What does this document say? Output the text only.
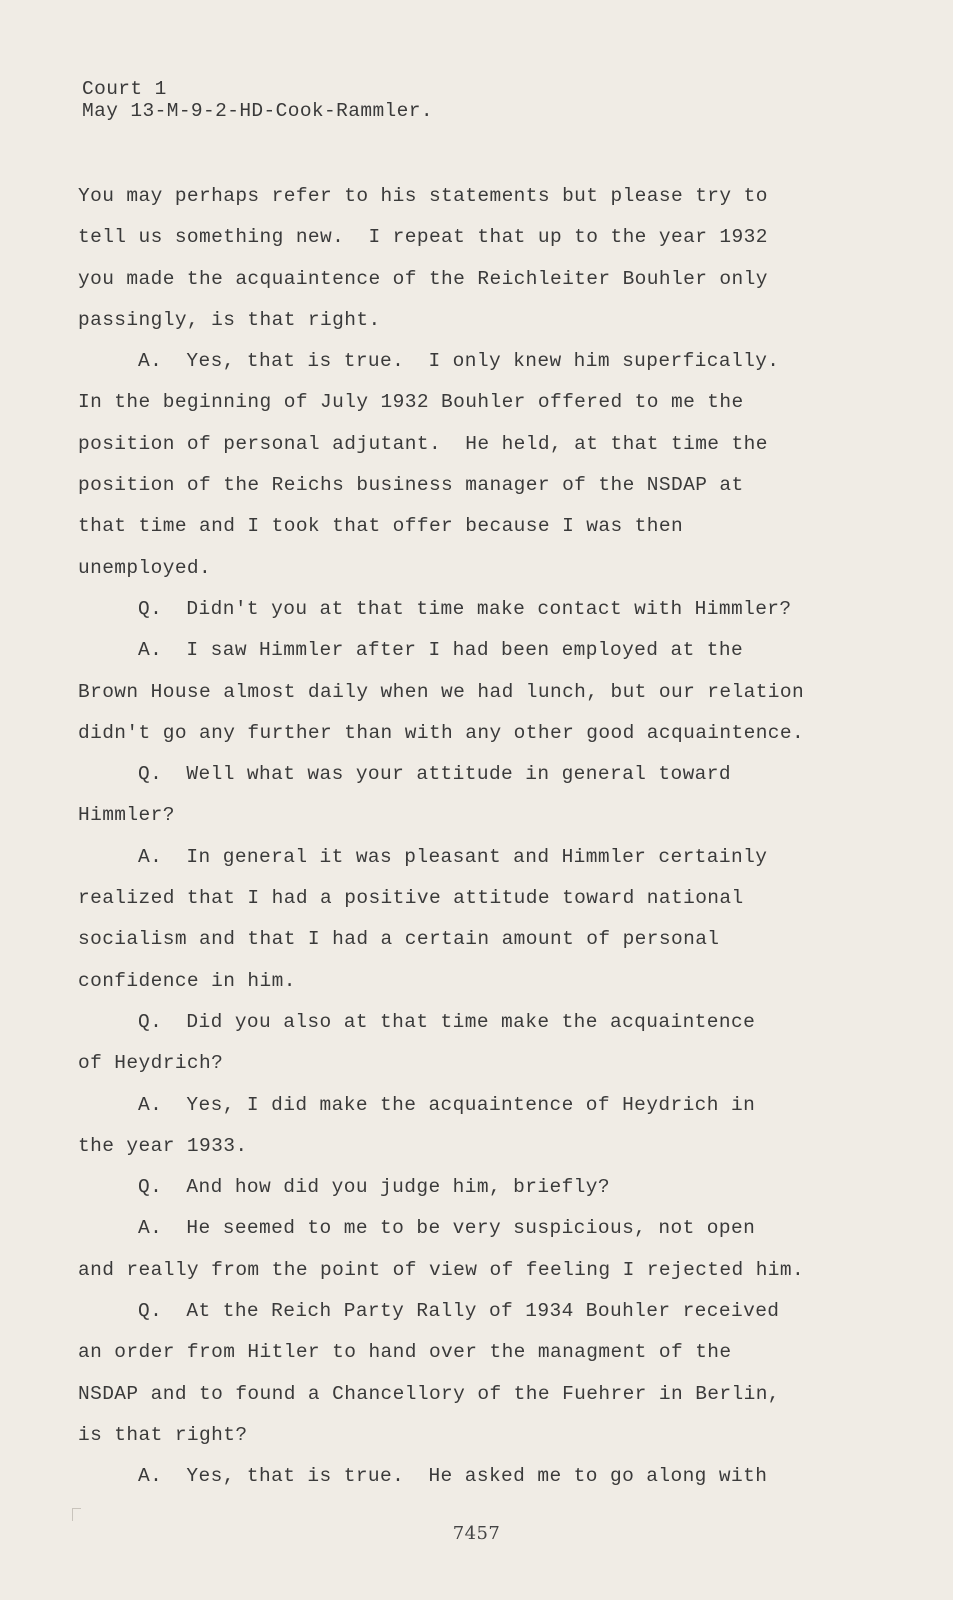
Court 1
May 13-M-9-2-HD-Cook-Rammler.
You may perhaps refer to his statements but please try to
tell us something new.  I repeat that up to the year 1932
you made the acquaintence of the Reichleiter Bouhler only
passingly, is that right.
A.  Yes, that is true.  I only knew him superfically.
In the beginning of July 1932 Bouhler offered to me the
position of personal adjutant.  He held, at that time the
position of the Reichs business manager of the NSDAP at
that time and I took that offer because I was then
unemployed.
Q.  Didn't you at that time make contact with Himmler?
A.  I saw Himmler after I had been employed at the
Brown House almost daily when we had lunch, but our relation
didn't go any further than with any other good acquaintence.
Q.  Well what was your attitude in general toward
Himmler?
A.  In general it was pleasant and Himmler certainly
realized that I had a positive attitude toward national
socialism and that I had a certain amount of personal
confidence in him.
Q.  Did you also at that time make the acquaintence
of Heydrich?
A.  Yes, I did make the acquaintence of Heydrich in
the year 1933.
Q.  And how did you judge him, briefly?
A.  He seemed to me to be very suspicious, not open
and really from the point of view of feeling I rejected him.
Q.  At the Reich Party Rally of 1934 Bouhler received
an order from Hitler to hand over the managment of the
NSDAP and to found a Chancellory of the Fuehrer in Berlin,
is that right?
A.  Yes, that is true.  He asked me to go along with
7457
